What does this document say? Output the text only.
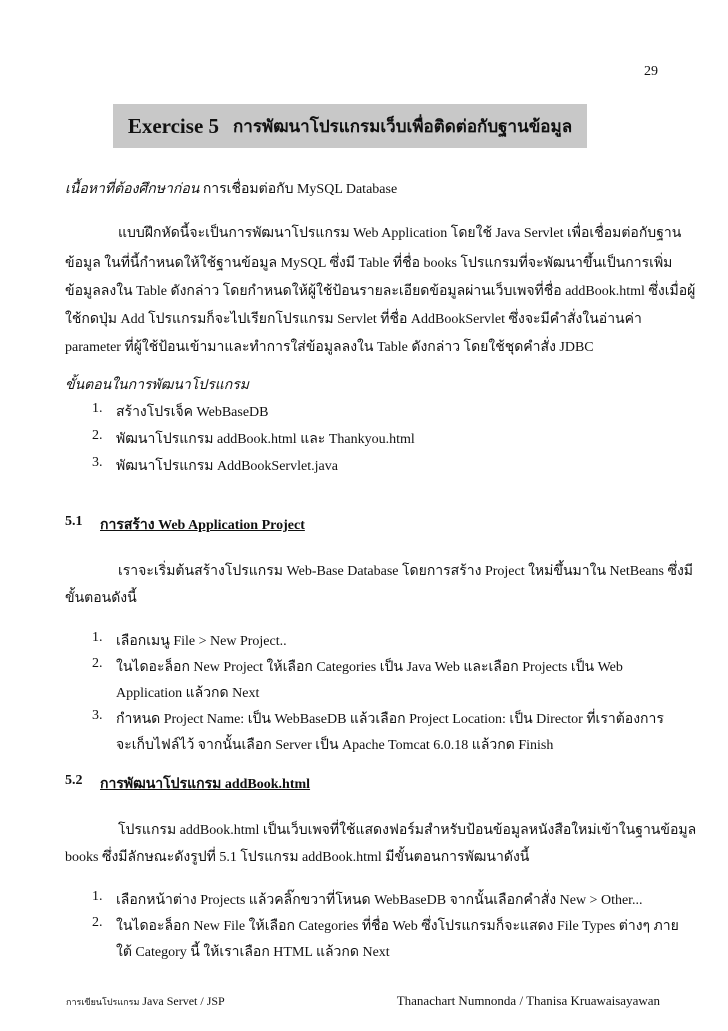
29
Exercise 5 การพัฒนาโปรแกรมเว็บเพื่อติดต่อกับฐานข้อมูล
เนื้อหาที่ต้องศึกษาก่อน การเชื่อมต่อกับ MySQL Database
แบบฝึกหัดนี้จะเป็นการพัฒนาโปรแกรม Web Application โดยใช้ Java Servlet เพื่อเชื่อมต่อกับฐาน
ข้อมูล ในที่นี้กำหนดให้ใช้ฐานข้อมูล MySQL ซึ่งมี Table ที่ชื่อ books โปรแกรมที่จะพัฒนาขึ้นเป็นการเพิ่ม
ข้อมูลลงใน Table ดังกล่าว โดยกำหนดให้ผู้ใช้ป้อนรายละเอียดข้อมูลผ่านเว็บเพจที่ชื่อ addBook.html ซึ่งเมื่อผู้
ใช้กดปุ่ม Add โปรแกรมก็จะไปเรียกโปรแกรม Servlet ที่ชื่อ AddBookServlet ซึ่งจะมีคำสั่งในอ่านค่า
parameter ที่ผู้ใช้ป้อนเข้ามาและทำการใส่ข้อมูลลงใน Table ดังกล่าว โดยใช้ชุดคำสั่ง JDBC
ขั้นตอนในการพัฒนาโปรแกรม
1. สร้างโปรเจ็ค WebBaseDB
2. พัฒนาโปรแกรม addBook.html และ Thankyou.html
3. พัฒนาโปรแกรม AddBookServlet.java
5.1 การสร้าง Web Application Project
เราจะเริ่มต้นสร้างโปรแกรม Web-Base Database โดยการสร้าง Project ใหม่ขึ้นมาใน NetBeans ซึ่งมี
ขั้นตอนดังนี้
1. เลือกเมนู File > New Project..
2. ในไดอะล็อก New Project ให้เลือก Categories เป็น Java Web และเลือก Projects เป็น Web
Application แล้วกด Next
3. กำหนด Project Name: เป็น WebBaseDB แล้วเลือก Project Location: เป็น Director ที่เราต้องการ
จะเก็บไฟล์ไว้ จากนั้นเลือก Server เป็น Apache Tomcat 6.0.18 แล้วกด Finish
5.2 การพัฒนาโปรแกรม addBook.html
โปรแกรม addBook.html เป็นเว็บเพจที่ใช้แสดงฟอร์มสำหรับป้อนข้อมูลหนังสือใหม่เข้าในฐานข้อมูล
books ซึ่งมีลักษณะดังรูปที่ 5.1 โปรแกรม addBook.html มีขั้นตอนการพัฒนาดังนี้
1. เลือกหน้าต่าง Projects แล้วคลิ๊กขวาที่โหนด WebBaseDB จากนั้นเลือกคำสั่ง New > Other...
2. ในไดอะล็อก New File ให้เลือก Categories ที่ชื่อ Web ซึ่งโปรแกรมก็จะแสดง File Types ต่างๆ ภาย
ใต้ Category นี้ ให้เราเลือก HTML แล้วกด Next
การเขียนโปรแกรม Java Servet / JSP	Thanachart Numnonda / Thanisa Kruawaisayawan
